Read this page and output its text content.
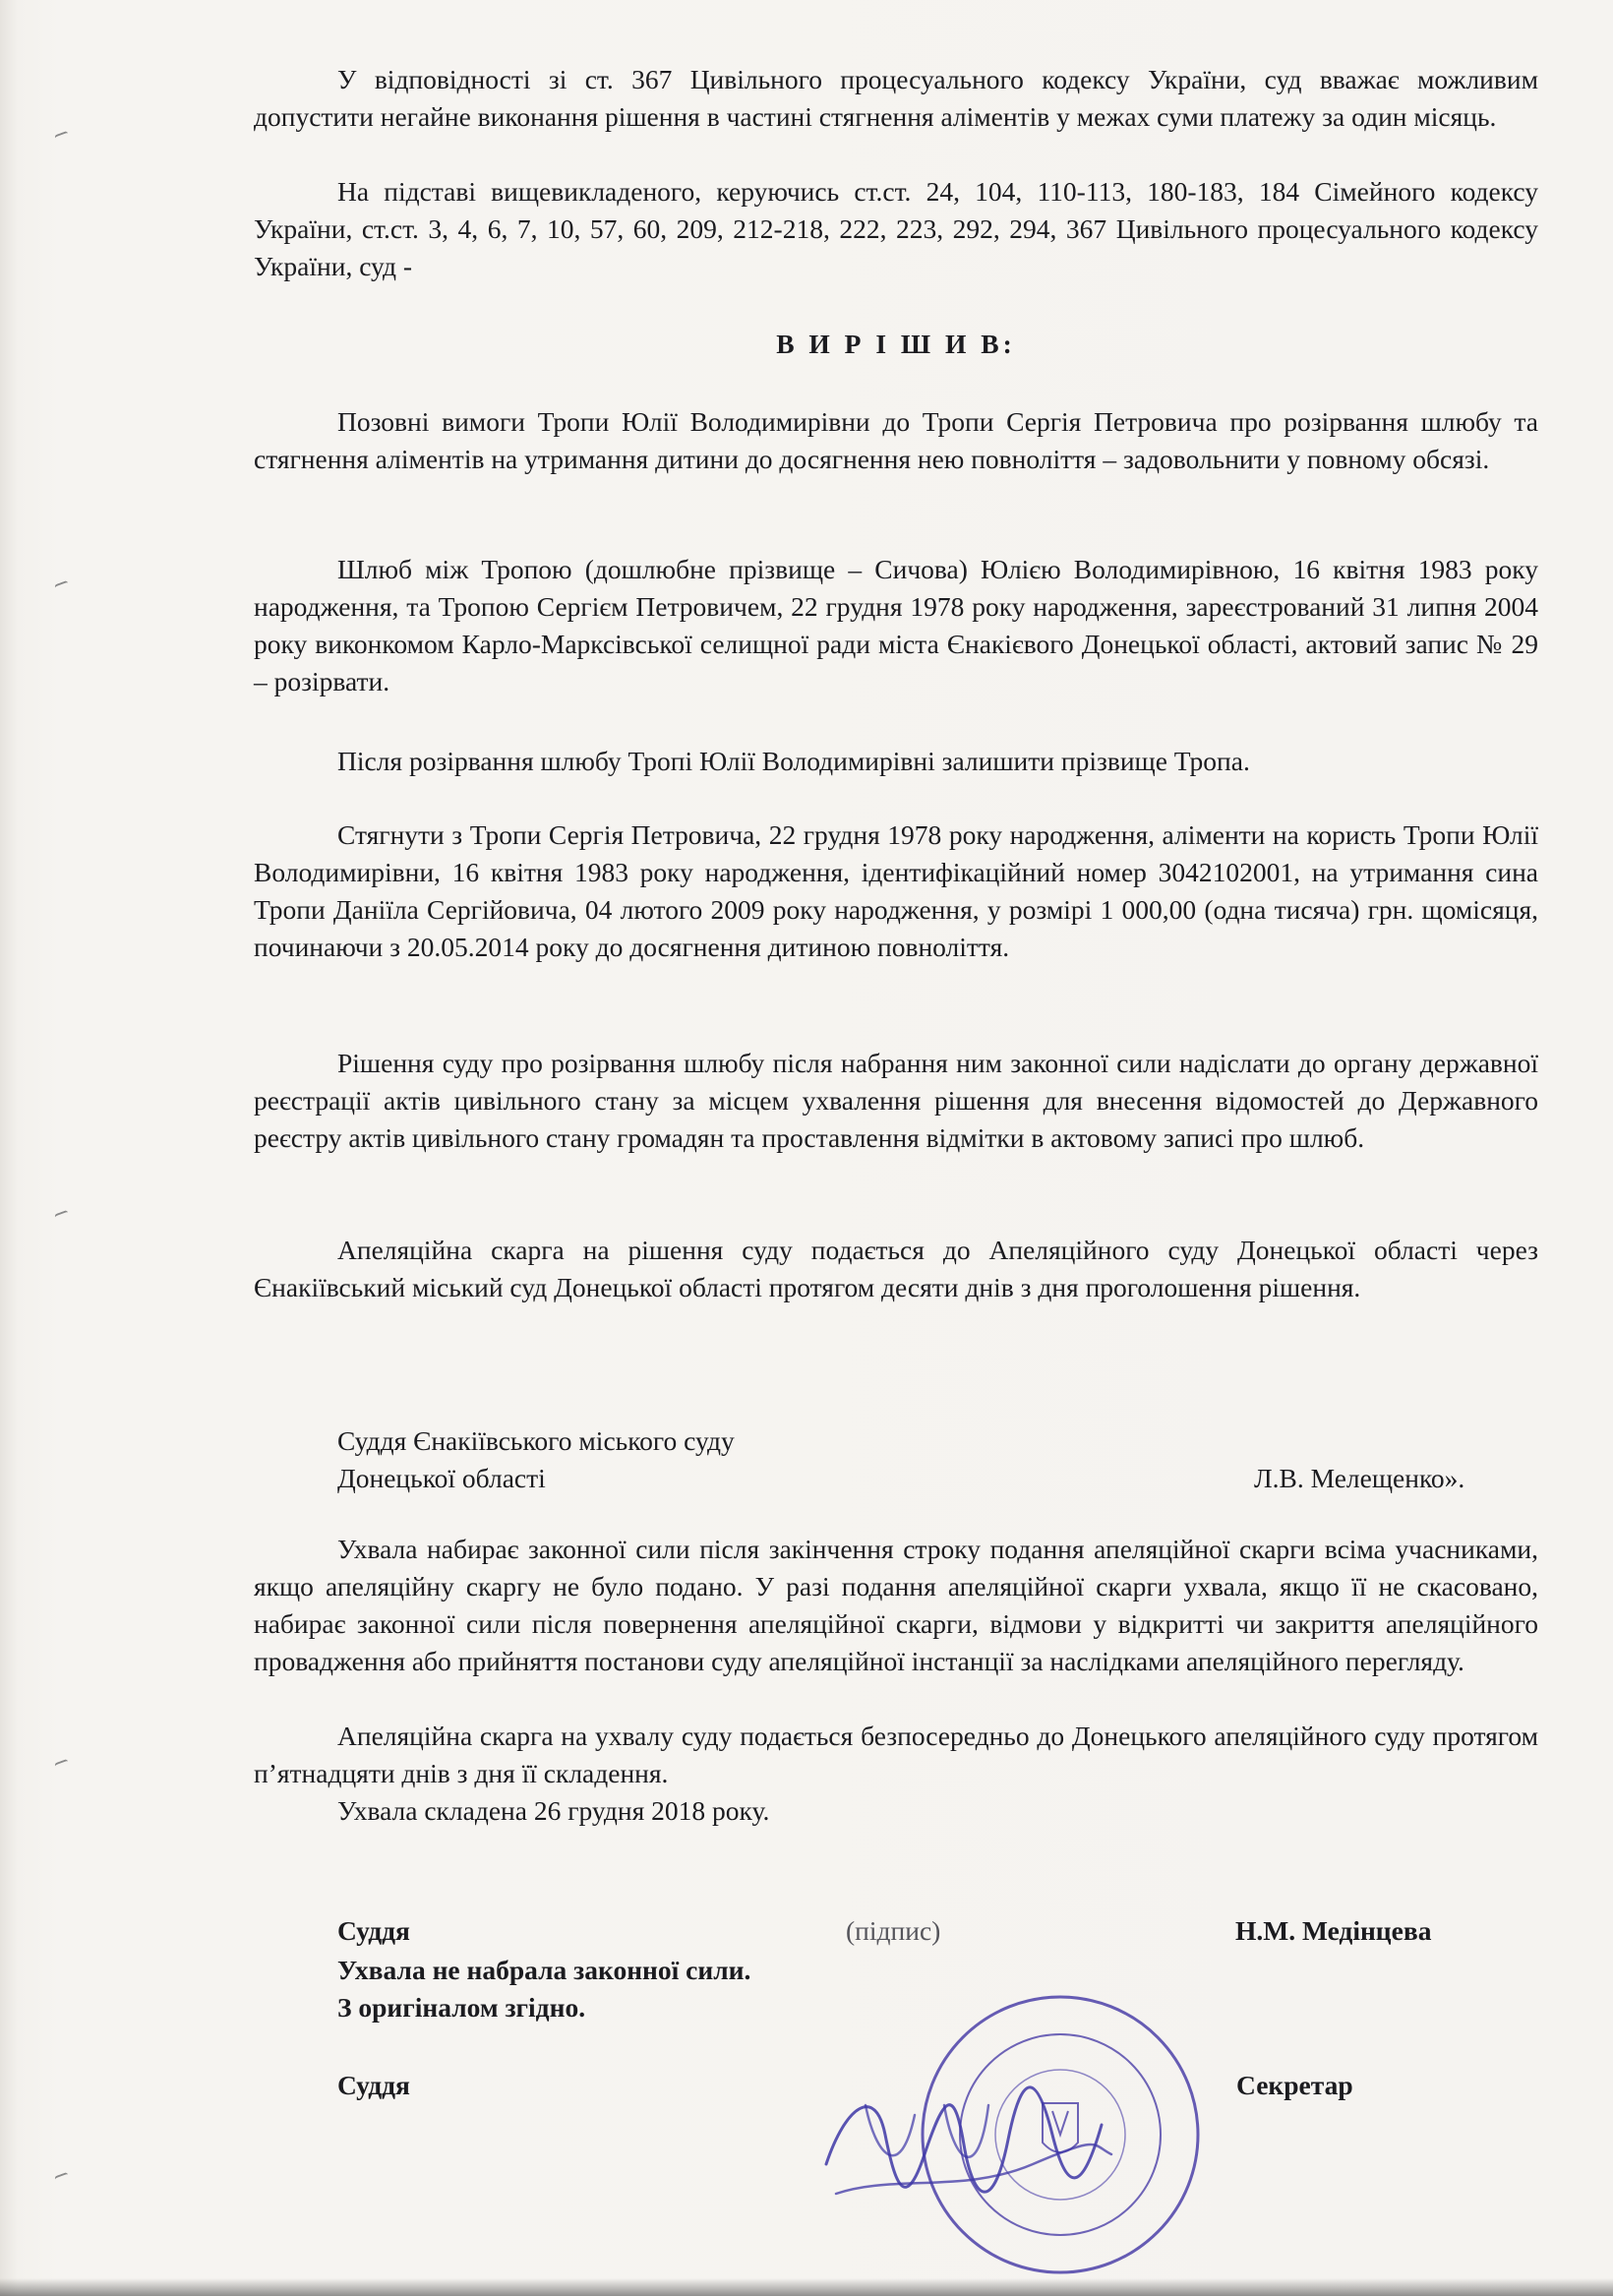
У відповідності зі ст. 367 Цивільного процесуального кодексу України, суд вважає можливим допустити негайне виконання рішення в частині стягнення аліментів у межах суми платежу за один місяць.

На підставі вищевикладеного, керуючись ст.ст. 24, 104, 110-113, 180-183, 184 Сімейного кодексу України, ст.ст. 3, 4, 6, 7, 10, 57, 60, 209, 212-218, 222, 223, 292, 294, 367 Цивільного процесуального кодексу України, суд -

В И Р І Ш И В:

Позовні вимоги Тропи Юлії Володимирівни до Тропи Сергія Петровича про розірвання шлюбу та стягнення аліментів на утримання дитини до досягнення нею повноліття – задовольнити у повному обсязі.

Шлюб між Тропою (дошлюбне прізвище – Сичова) Юлією Володимирівною, 16 квітня 1983 року народження, та Тропою Сергієм Петровичем, 22 грудня 1978 року народження, зареєстрований 31 липня 2004 року виконкомом Карло-Марксівської селищної ради міста Єнакієвого Донецької області, актовий запис № 29 – розірвати.

Після розірвання шлюбу Тропі Юлії Володимирівні залишити прізвище Тропа.

Стягнути з Тропи Сергія Петровича, 22 грудня 1978 року народження, аліменти на користь Тропи Юлії Володимирівни, 16 квітня 1983 року народження, ідентифікаційний номер 3042102001, на утримання сина Тропи Даніїла Сергійовича, 04 лютого 2009 року народження, у розмірі 1 000,00 (одна тисяча) грн. щомісяця, починаючи з 20.05.2014 року до досягнення дитиною повноліття.

Рішення суду про розірвання шлюбу після набрання ним законної сили надіслати до органу державної реєстрації актів цивільного стану за місцем ухвалення рішення для внесення відомостей до Державного реєстру актів цивільного стану громадян та проставлення відмітки в актовому записі про шлюб.

Апеляційна скарга на рішення суду подається до Апеляційного суду Донецької області через Єнакіївський міський суд Донецької області протягом десяти днів з дня проголошення рішення.

Суддя Єнакіївського міського суду
Донецької області	Л.В. Мелещенко».

Ухвала набирає законної сили після закінчення строку подання апеляційної скарги всіма учасниками, якщо апеляційну скаргу не було подано. У разі подання апеляційної скарги ухвала, якщо її не скасовано, набирає законної сили після повернення апеляційної скарги, відмови у відкритті чи закриття апеляційного провадження або прийняття постанови суду апеляційної інстанції за наслідками апеляційного перегляду.

Апеляційна скарга на ухвалу суду подається безпосередньо до Донецького апеляційного суду протягом п’ятнадцяти днів з дня її складення.

Ухвала складена 26 грудня 2018 року.

Суддя	(підпис)	Н.М. Медінцева
Ухвала не набрала законної сили.
З оригіналом згідно.
Суддя	Секретар
